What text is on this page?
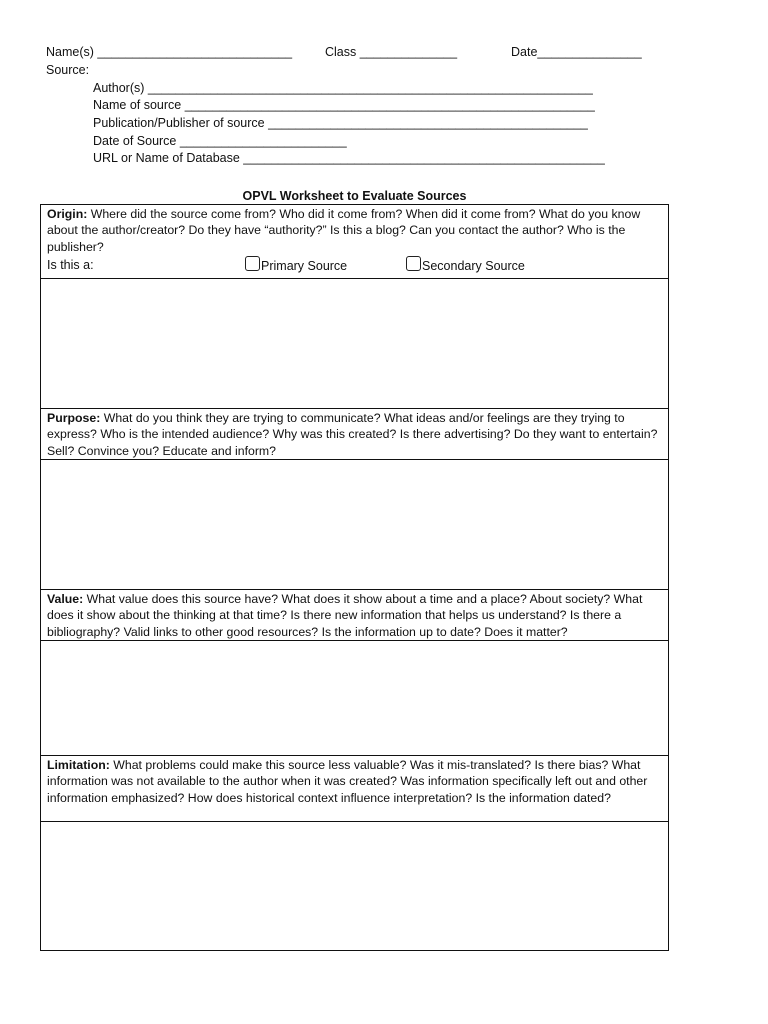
Name(s) ____________________________	Class ______________	Date_______________
Source:
Author(s) ________________________________________________________________
Name of source ___________________________________________________________
Publication/Publisher of source ______________________________________________
Date of Source ________________________
URL or Name of Database ____________________________________________________
OPVL Worksheet to Evaluate Sources
Origin: Where did the source come from? Who did it come from? When did it come from? What do you know about the author/creator? Do they have “authority?” Is this a blog? Can you contact the author? Who is the publisher?
Is this a:	Primary Source	Secondary Source
Purpose: What do you think they are trying to communicate? What ideas and/or feelings are they trying to express? Who is the intended audience? Why was this created? Is there advertising? Do they want to entertain? Sell? Convince you? Educate and inform?
Value: What value does this source have? What does it show about a time and a place? About society? What does it show about the thinking at that time? Is there new information that helps us understand? Is there a bibliography? Valid links to other good resources? Is the information up to date? Does it matter?
Limitation: What problems could make this source less valuable? Was it mis-translated? Is there bias? What information was not available to the author when it was created? Was information specifically left out and other information emphasized? How does historical context influence interpretation? Is the information dated?
